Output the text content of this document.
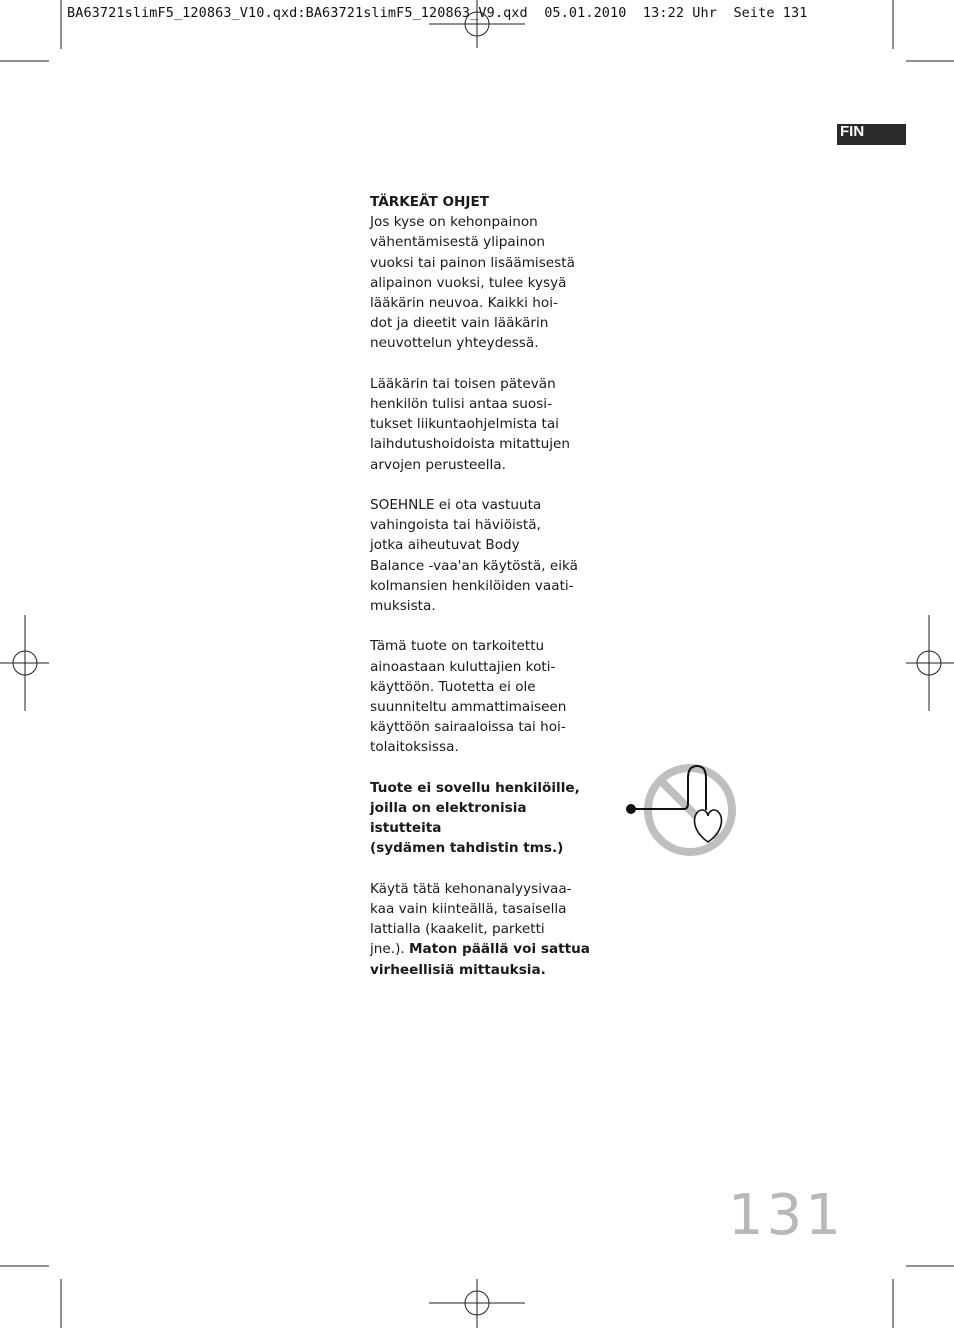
BA63721slimF5_120863_V10.qxd:BA63721slimF5_120863_V9.qxd  05.01.2010  13:22 Uhr  Seite 131
FIN
TÄRKEÄT OHJET

Jos kyse on kehonpainon
vähentämisestä ylipainon
vuoksi tai painon lisäämisestä
alipainon vuoksi, tulee kysyä
lääkärin neuvoa. Kaikki hoi-
dot ja dieetit vain lääkärin
neuvottelun yhteydessä.

Lääkärin tai toisen pätevän
henkilön tulisi antaa suosi-
tukset liikuntaohjelmista tai
laihdutushoidoista mitattujen
arvojen perusteella.

SOEHNLE ei ota vastuuta
vahingoista tai häviöistä,
jotka aiheutuvat Body
Balance -vaa'an käytöstä, eikä
kolmansien henkilöiden vaati-
muksista.

Tämä tuote on tarkoitettu
ainoastaan kuluttajien koti-
käyttöön. Tuotetta ei ole
suunniteltu ammattimaiseen
käyttöön sairaaloissa tai hoi-
tolaitoksissa.

Tuote ei sovellu henkilöille,
joilla on elektronisia istutteita
(sydämen tahdistin tms.)

Käytä tätä kehonanalyysivaa-
kaa vain kiinteällä, tasaisella
lattialla (kaakelit, parketti
jne.). Maton päällä voi sattua
virheellisiä mittauksia.

131
